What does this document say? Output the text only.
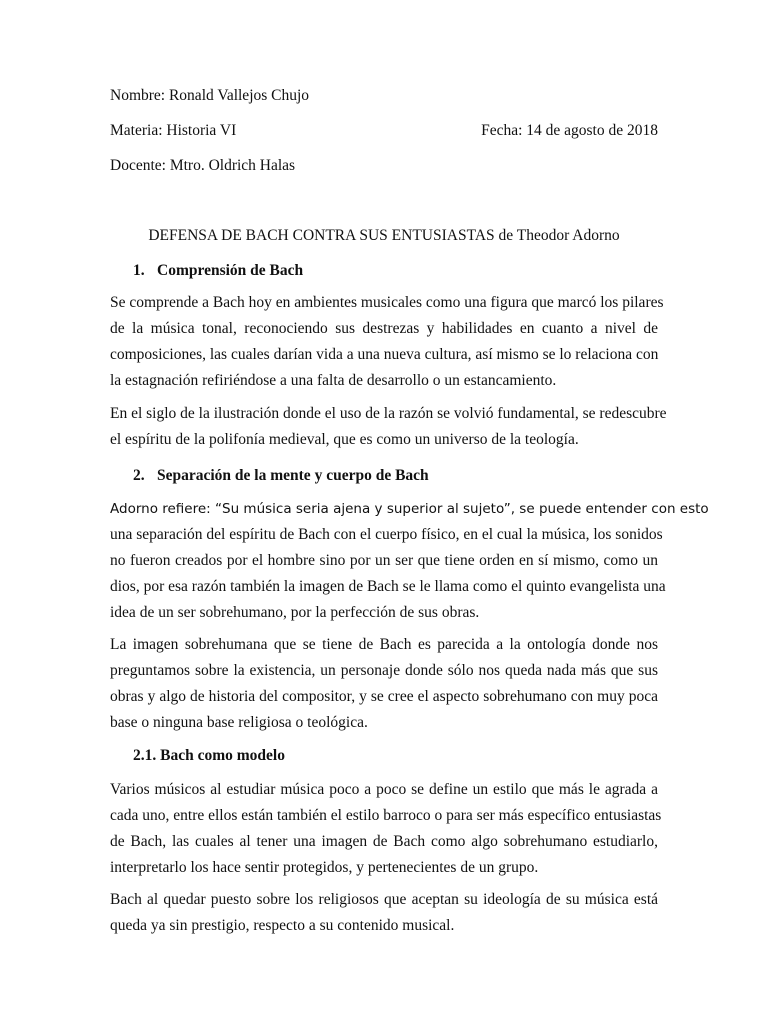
Nombre: Ronald Vallejos Chujo
Materia: Historia VI	Fecha: 14 de agosto de 2018
Docente: Mtro. Oldrich Halas
DEFENSA DE BACH CONTRA SUS ENTUSIASTAS de Theodor Adorno
1. Comprensión de Bach
Se comprende a Bach hoy en ambientes musicales como una figura que marcó los pilares
de la música tonal, reconociendo sus destrezas y habilidades en cuanto a nivel de
composiciones, las cuales darían vida a una nueva cultura, así mismo se lo relaciona con
la estagnación refiriéndose a una falta de desarrollo o un estancamiento.
En el siglo de la ilustración donde el uso de la razón se volvió fundamental, se redescubre
el espíritu de la polifonía medieval, que es como un universo de la teología.
2. Separación de la mente y cuerpo de Bach
Adorno refiere: “Su música seria ajena y superior al sujeto”, se puede entender con esto
una separación del espíritu de Bach con el cuerpo físico, en el cual la música, los sonidos
no fueron creados por el hombre sino por un ser que tiene orden en sí mismo, como un
dios, por esa razón también la imagen de Bach se le llama como el quinto evangelista una
idea de un ser sobrehumano, por la perfección de sus obras.
La imagen sobrehumana que se tiene de Bach es parecida a la ontología donde nos
preguntamos sobre la existencia, un personaje donde sólo nos queda nada más que sus
obras y algo de historia del compositor, y se cree el aspecto sobrehumano con muy poca
base o ninguna base religiosa o teológica.
2.1. Bach como modelo
Varios músicos al estudiar música poco a poco se define un estilo que más le agrada a
cada uno, entre ellos están también el estilo barroco o para ser más específico entusiastas
de Bach, las cuales al tener una imagen de Bach como algo sobrehumano estudiarlo,
interpretarlo los hace sentir protegidos, y pertenecientes de un grupo.
Bach al quedar puesto sobre los religiosos que aceptan su ideología de su música está
queda ya sin prestigio, respecto a su contenido musical.
